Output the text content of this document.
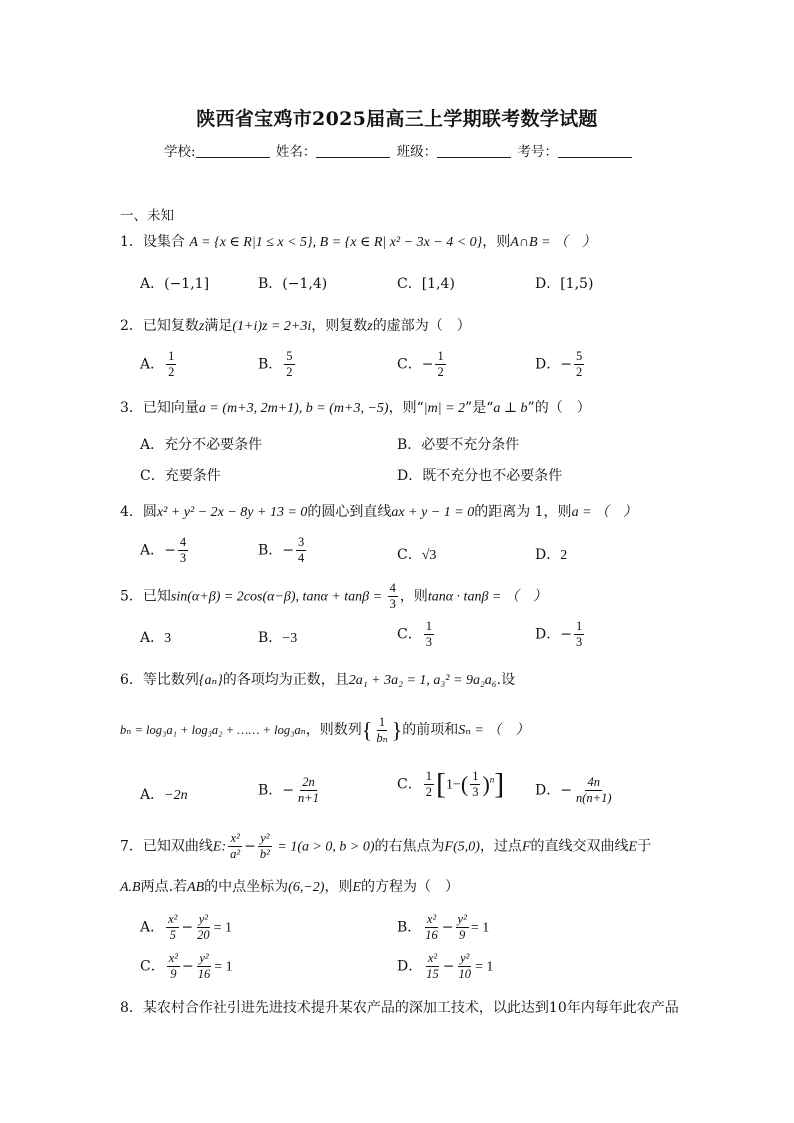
陕西省宝鸡市2025届高三上学期联考数学试题
学校:	姓名：	班级：	考号：
一、未知
1．设集合 A = {x ∈ R|1 ≤ x < 5}, B = {x ∈ R| x² − 3x − 4 < 0}，则A∩B = （　）
A．(−1,1]	B．(−1,4)	C．[1,4)	D．[1,5)
2．已知复数z满足(1+i)z = 2+3i，则复数z的虚部为（　）
A． $\frac{1}{2}$	B． $\frac{5}{2}$	C．− $\frac{1}{2}$	D．− $\frac{5}{2}$
3．已知向量a = (m+3, 2m+1), b = (m+3, −5)，则“|m| = 2”是“a ⊥ b”的（　）
A．充分不必要条件	B．必要不充分条件
C．充要条件	D．既不充分也不必要条件
4．圆x² + y² − 2x − 8y + 13 = 0的圆心到直线ax + y − 1 = 0的距离为 1，则a = （　）
A．− $\frac{4}{3}$	B．− $\frac{3}{4}$	C．√3	D．2
5．已知sin(α+β) = 2cos(α−β), $\tan\alpha + \tan\beta = \frac{4}{3}$ ，则tanα · tanβ = （　）
A．3	B．−3	C． $\frac{1}{3}$	D．− $\frac{1}{3}$
6．等比数列{aₙ}的各项均为正数，且2a₁ + 3a₂ = 1, a₃² = 9a₂a₆.设
bₙ = log₃a₁ + log₃a₂ + …… + log₃aₙ，则数列{ $\frac{1}{\text{bₙ}}$ }的前项和Sₙ = （　）
A．−2n	B．− $\frac{2n}{n+1}$	C． $\frac{1}{2} [1-( \frac{1}{3} )^n]$ D．− $\frac{4n}{n(n+1)}$
7．已知双曲线E: $\frac{\text{x²}}{\text{a²}} - \frac{\text{y²}}{\text{b²}} = 1(a > 0$, b > 0)的右焦点为F(5,0)，过点F的直线交双曲线E于
A.B两点.若AB的中点坐标为(6,−2)，则E的方程为（　）
A． $\frac{\text{x²}}{5} - \frac{\text{y²}}{20} = 1$	B． $\frac{\text{x²}}{16} - \frac{\text{y²}}{9} = 1$
C． $\frac{\text{x²}}{9} - \frac{\text{y²}}{16} = 1$	D． $\frac{\text{x²}}{15} - \frac{\text{y²}}{10} = 1$
8．某农村合作社引进先进技术提升某农产品的深加工技术，以此达到10年内每年此农产品
